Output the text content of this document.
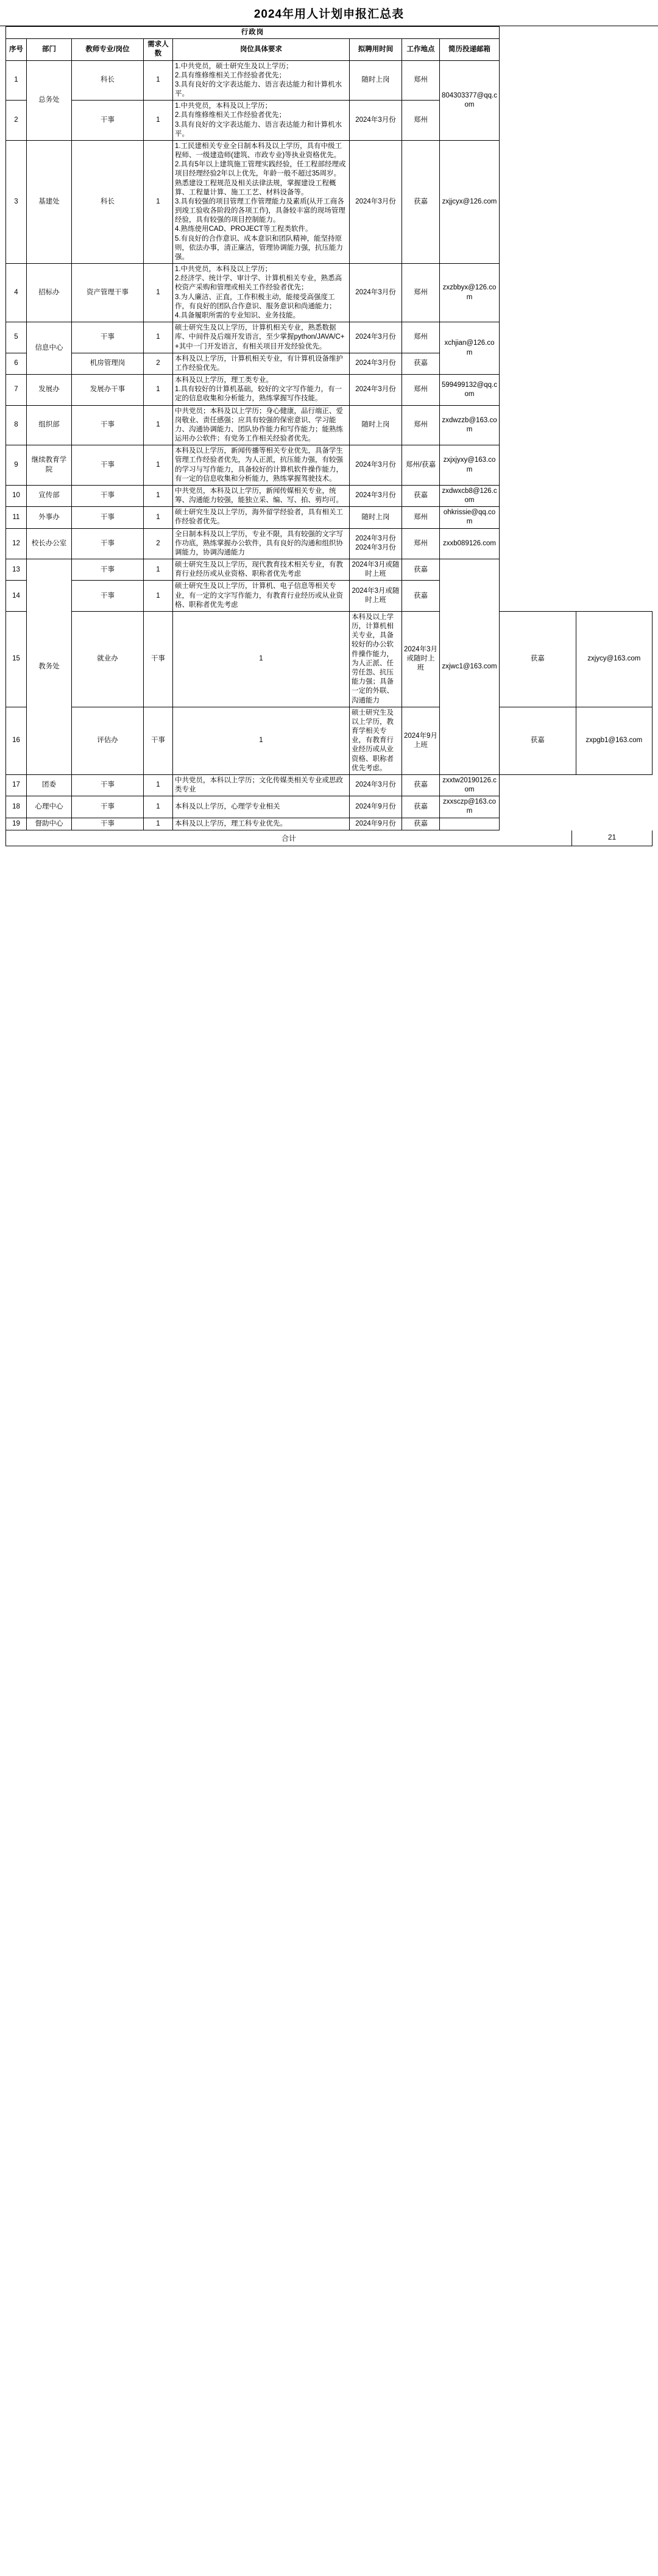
2024年用人计划申报汇总表
行政岗									
序号	部门	教师专业/岗位	需求人数	岗位具体要求	拟聘用时间	工作地点	简历投递邮箱		
1	总务处	科长	1	1.中共党员，硕士研究生及以上学历；
2.具有维修维相关工作经验者优先；
3.具有良好的文字表达能力、语言表达能力和计算机水平。	随时上岗	郑州	804303377@qq.com		
2		干事	1	1.中共党员，本科及以上学历；
2.具有维修维相关工作经验者优先；
3.具有良好的文字表达能力、语言表达能力和计算机水平。	2024年3月份	郑州			
3	基建处	科长	1	1.工民建相关专业全日制本科及以上学历，具有中级工程师、一级建造师(建筑、市政专业)等执业资格优先。
2.具有5年以上建筑施工管理实践经验，任工程部经理或项目经理经验2年以上优先，年龄一般不超过35周岁。熟悉建设工程规范及相关法律法规，掌握建设工程概算、工程量计算、施工工艺、材料设备等。
3.具有较强的项目管理工作管理能力及素质(从开工商各到竣工验收各阶段的各项工作)，具备较丰富的现场管理经验，具有较强的项目控制能力。
4.熟练使用CAD、PROJECT等工程类软件。
5.有良好的合作意识、成本意识和团队精神，能坚持原则，依法办事，清正廉洁，管理协调能力强，抗压能力强。	2024年3月份	获嘉	zxjjcyx@126.com		
4	招标办	资产管理干事	1	1.中共党员，本科及以上学历；
2.经济学、统计学、审计学、计算机相关专业，熟悉高校资产采购和管理或相关工作经验者优先；
3.为人廉洁、正直，工作积极主动，能接受高强度工作，有良好的团队合作意识、服务意识和尚通能力；
4.具备履职所需的专业知识、业务技能。	2024年3月份	郑州	zxzbbyx@126.com		
5	信息中心	干事	1	硕士研究生及以上学历，计算机相关专业，熟悉数据库、中间件及后端开发语言，至少掌握python/JAVA/C++其中一门开发语言，有相关项目开发经验优先。	2024年3月份	郑州	xchjian@126.com		
6		机房管理岗	2	本科及以上学历，计算机相关专业，有计算机设备维护工作经验优先。	2024年3月份	获嘉			
7	发展办	发展办干事	1	本科及以上学历，理工类专业。
1.具有较好的计算机基础，较好的文字写作能力，有一定的信息收集和分析能力，熟练掌握写作技能。	2024年3月份	郑州	599499132@qq.com		
8	组织部	干事	1	中共党员；本科及以上学历；身心健康，品行端正、爱岗敬业、责任感强；应具有较强的保密意识、学习能力、沟通协调能力、团队协作能力和写作能力；能熟练运用办公软件；有党务工作相关经验者优先。	随时上岗	郑州	zxdwzzb@163.com		
9	继续教育学院	干事	1	本科及以上学历，新闻传播等相关专业优先，具备学生管理工作经验者优先，为人正派，抗压能力强，有较强的学习与写作能力，具备较好的计算机软件操作能力，有一定的信息收集和分析能力，熟练掌握驾驶技术。	2024年3月份	郑州/获嘉	zxjxjyxy@163.com		
10	宣传部	干事	1	中共党员，本科及以上学历，新闻传媒相关专业，统筹、沟通能力较强，能独立采、编、写、拍、剪均可。	2024年3月份	获嘉	zxdwxcb8@126.com		
11	外事办	干事	1	硕士研究生及以上学历，海外留学经验者，具有相关工作经验者优先。	随时上岗	郑州	ohkrissie@qq.com		
12	校长办公室	干事	2	全日制本科及以上学历，专业不限，具有较强的文字写作功底，熟练掌握办公软件，具有良好的沟通和组织协调能力，协调沟通能力	2024年3月份
2024年3月份	郑州	zxxb089126.com		
13	教务处	干事	1	硕士研究生及以上学历，现代教育技术相关专业，有教育行业经历或从业资格、职称者优先考虑	2024年3月或随时上班	获嘉	zxjwc1@163.com		
14		干事	1	硕士研究生及以上学历，计算机、电子信息等相关专业，有一定的文字写作能力，有教育行业经历或从业资格、职称者优先考虑	2024年3月或随时上班	获嘉			
15		就业办	干事	1	本科及以上学历，计算机相关专业，具备较好的办公软件操作能力，为人正派、任劳任怨、抗压能力强；具备一定的外联、沟通能力	2024年3月或随时上班		获嘉	zxjycy@163.com
16		评估办	干事	1	硕士研究生及以上学历，教育学相关专业，有教育行业经历或从业资格、职称者优先考虑。	2024年9月上班		获嘉	zxpgb1@163.com
17	团委	干事	1	中共党员，本科以上学历；文化传媒类相关专业或思政类专业	2024年3月份	获嘉	zxxtw20190126.com		
18	心理中心	干事	1	本科及以上学历，心理学专业相关	2024年9月份	获嘉	zxxsczp@163.com		
19	督助中心	干事	1	本科及以上学历，理工科专业优先。	2024年9月份	获嘉			
合计	21
